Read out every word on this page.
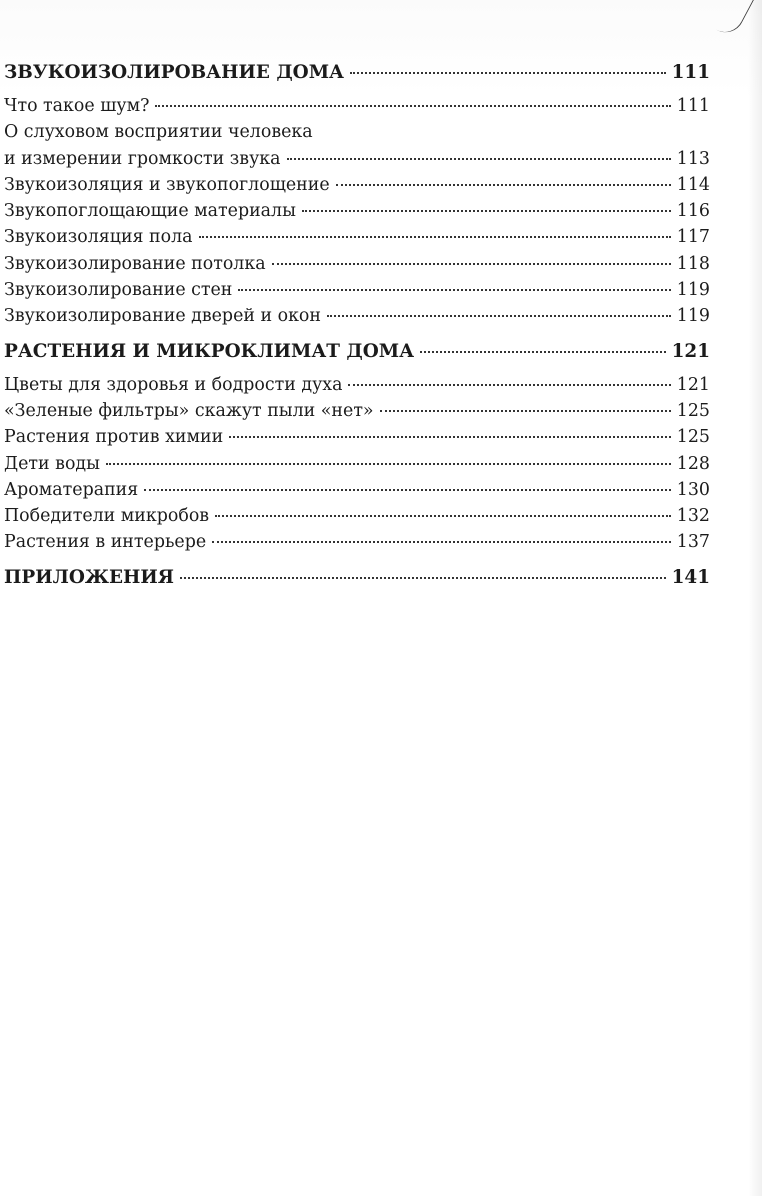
ЗВУКОИЗОЛИРОВАНИЕ ДОМА	111
Что такое шум?	111
О слуховом восприятии человека
и измерении громкости звука	113
Звукоизоляция и звукопоглощение	114
Звукопоглощающие материалы	116
Звукоизоляция пола	117
Звукоизолирование потолка	118
Звукоизолирование стен	119
Звукоизолирование дверей и окон	119
РАСТЕНИЯ И МИКРОКЛИМАТ ДОМА	121
Цветы для здоровья и бодрости духа	121
«Зеленые фильтры» скажут пыли «нет»	125
Растения против химии	125
Дети воды	128
Ароматерапия	130
Победители микробов	132
Растения в интерьере	137
ПРИЛОЖЕНИЯ	141
